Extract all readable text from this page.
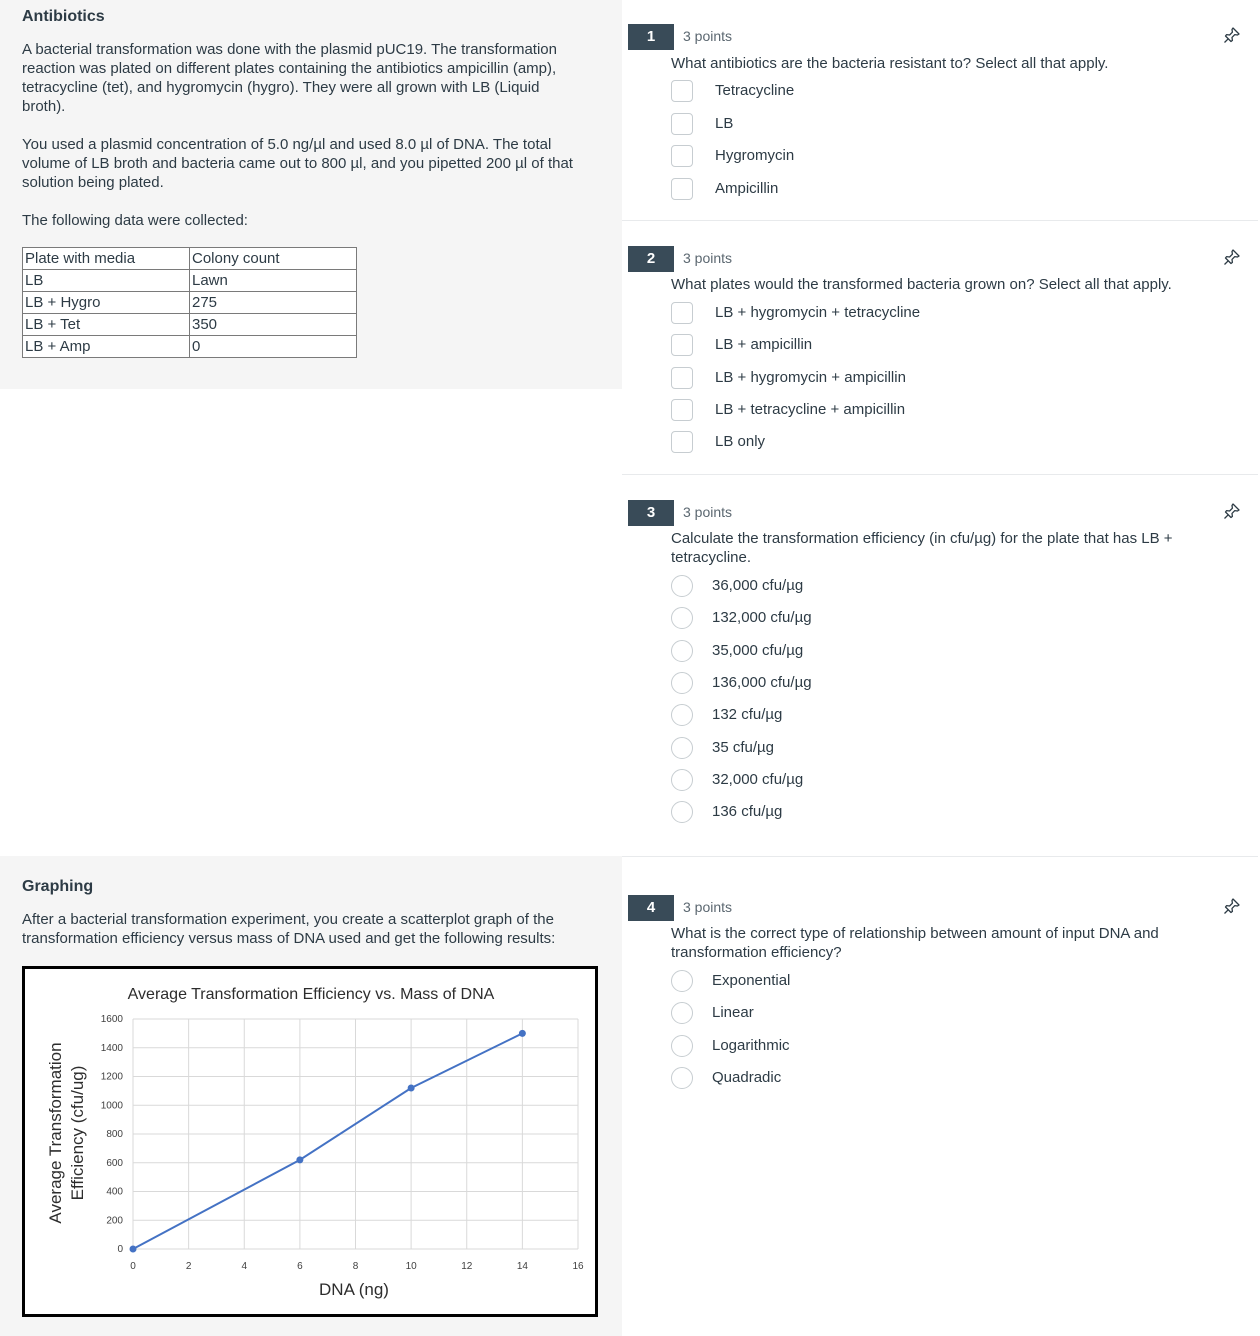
Antibiotics

A bacterial transformation was done with the plasmid pUC19. The transformation
reaction was plated on different plates containing the antibiotics ampicillin (amp),
tetracycline (tet), and hygromycin (hygro). They were all grown with LB (Liquid
broth).

You used a plasmid concentration of 5.0 ng/µl and used 8.0 µl of DNA. The total
volume of LB broth and bacteria came out to 800 µl, and you pipetted 200 µl of that
solution being plated.

The following data were collected:

Plate with media	Colony count
LB	Lawn
LB + Hygro	275
LB + Tet	350
LB + Amp	0
Graphing

After a bacterial transformation experiment, you create a scatterplot graph of the
transformation efficiency versus mass of DNA used and get the following results:

0
200
400
600
800
1000
1200
1400
1600
0	2	4	6	8	10	12	14	16
Average Transformation Efficiency vs. Mass of DNA
DNA (ng)
Average Transformation Efficiency (cfu/ug)
1	3 points
What antibiotics are the bacteria resistant to? Select all that apply.
Tetracycline
LB
Hygromycin
Ampicillin
2	3 points
What plates would the transformed bacteria grown on? Select all that apply.
LB + hygromycin + tetracycline
LB + ampicillin
LB + hygromycin + ampicillin
LB + tetracycline + ampicillin
LB only
3	3 points
Calculate the transformation efficiency (in cfu/µg) for the plate that has LB +
tetracycline.
36,000 cfu/µg
132,000 cfu/µg
35,000 cfu/µg
136,000 cfu/µg
132 cfu/µg
35 cfu/µg
32,000 cfu/µg
136 cfu/µg
4	3 points
What is the correct type of relationship between amount of input DNA and
transformation efficiency?
Exponential
Linear
Logarithmic
Quadradic
